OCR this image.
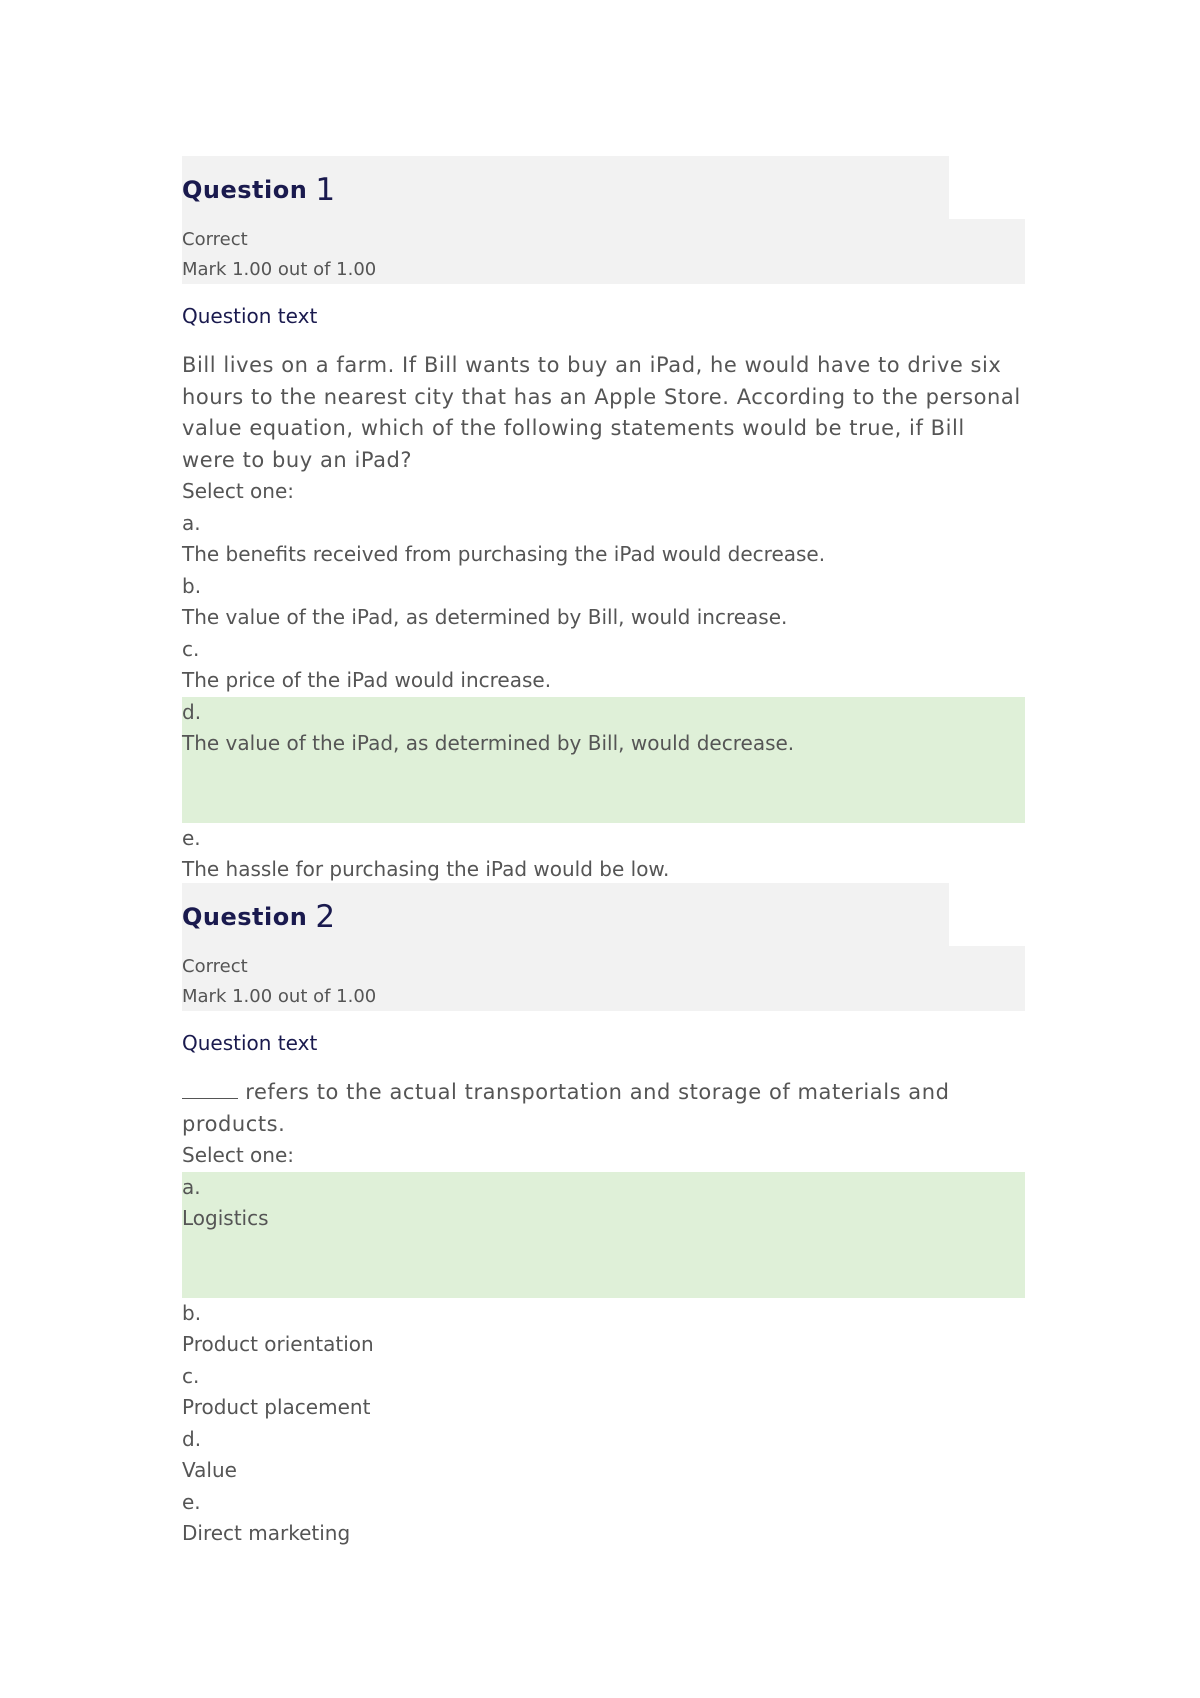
Question 1
Correct
Mark 1.00 out of 1.00
Question text
Bill lives on a farm. If Bill wants to buy an iPad, he would have to drive six hours to the nearest city that has an Apple Store. According to the personal value equation, which of the following statements would be true, if Bill were to buy an iPad?
Select one:
a.
The benefits received from purchasing the iPad would decrease.
b.
The value of the iPad, as determined by Bill, would increase.
c.
The price of the iPad would increase.
d.
The value of the iPad, as determined by Bill, would decrease.
e.
The hassle for purchasing the iPad would be low.
Question 2
Correct
Mark 1.00 out of 1.00
Question text
refers to the actual transportation and storage of materials and products.
Select one:
a.
Logistics
b.
Product orientation
c.
Product placement
d.
Value
e.
Direct marketing
